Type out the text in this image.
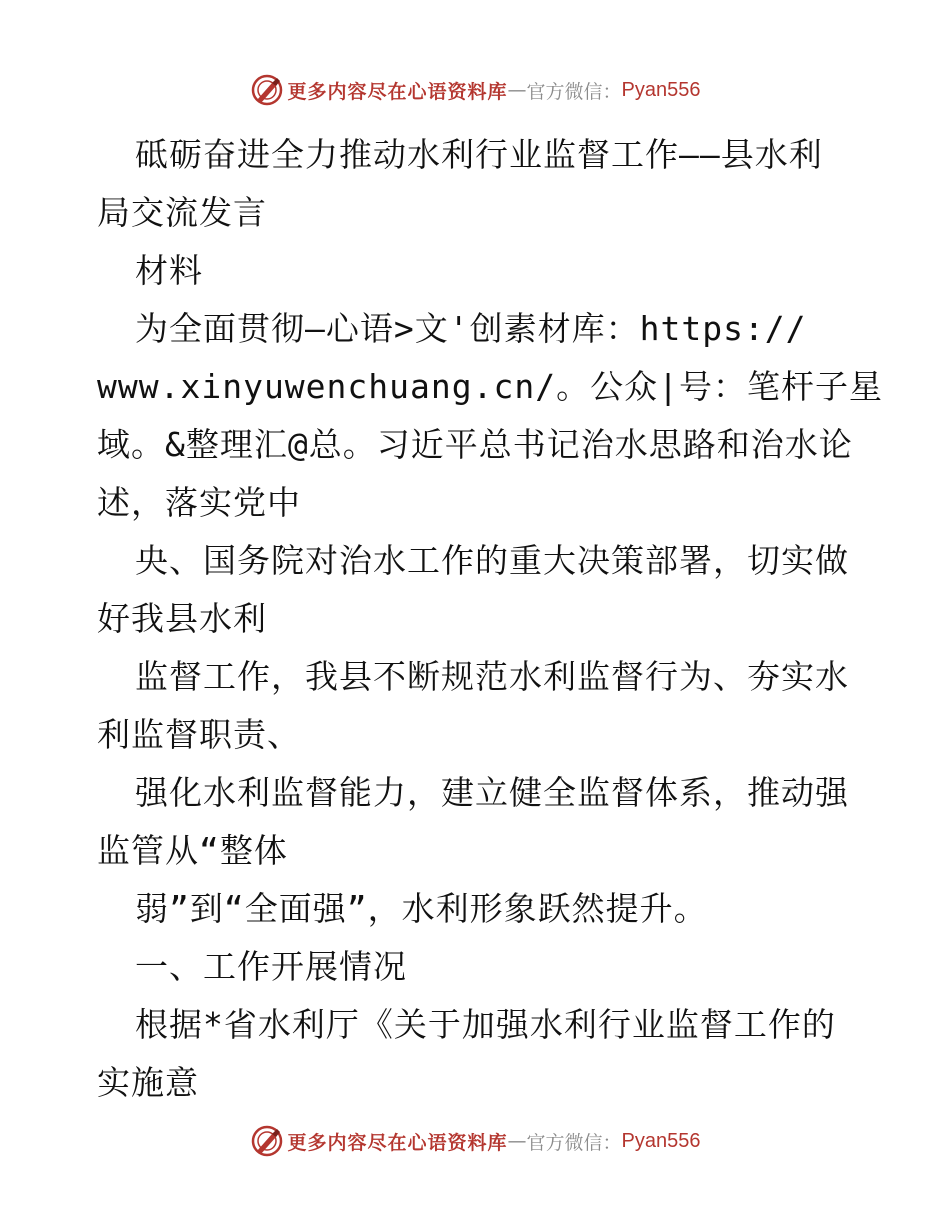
更多内容尽在心语资料库 — 官方微信： Pyan556
砥砺奋进全力推动水利行业监督工作——县水利
局交流发言
材料
为全面贯彻—心语>文'创素材库：https://
www.xinyuwenchuang.cn/。公众|号：笔杆子星
域。&整理汇@总。习近平总书记治水思路和治水论
述，落实党中
央、国务院对治水工作的重大决策部署，切实做
好我县水利
监督工作，我县不断规范水利监督行为、夯实水
利监督职责、
强化水利监督能力，建立健全监督体系，推动强
监管从“整体
弱”到“全面强”，水利形象跃然提升。
一、工作开展情况
根据*省水利厅《关于加强水利行业监督工作的
实施意
更多内容尽在心语资料库 — 官方微信： Pyan556
